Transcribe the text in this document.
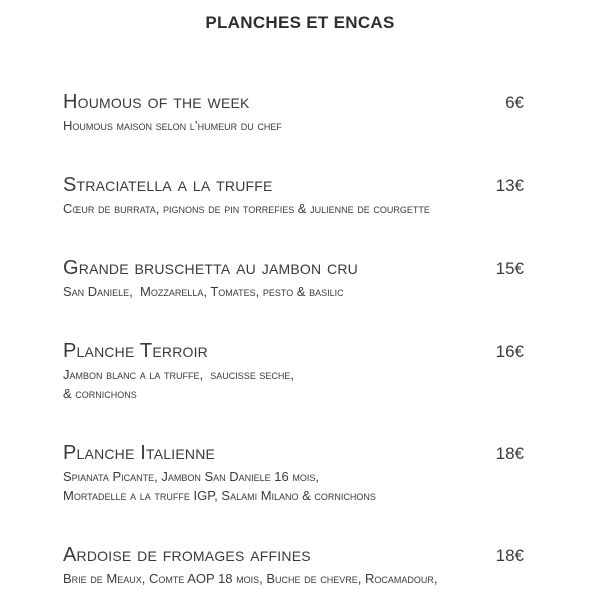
PLANCHES ET ENCAS
Houmous of the week	6€
Houmous maison selon l’humeur du chef
Straciatella a la truffe	13€
Cœur de burrata, pignons de pin torrefies & julienne de courgette
Grande bruschetta au jambon cru	15€
San Daniele,  Mozzarella, Tomates, pesto & basilic
Planche Terroir	16€
Jambon blanc a la truffe,  saucisse seche,
& cornichons
Planche Italienne	18€
Spianata Picante, Jambon San Daniele 16 mois,
Mortadelle a la truffe IGP, Salami Milano & cornichons
Ardoise de fromages affines	18€
Brie de Meaux, Comte AOP 18 mois, Buche de chevre, Rocamadour,
